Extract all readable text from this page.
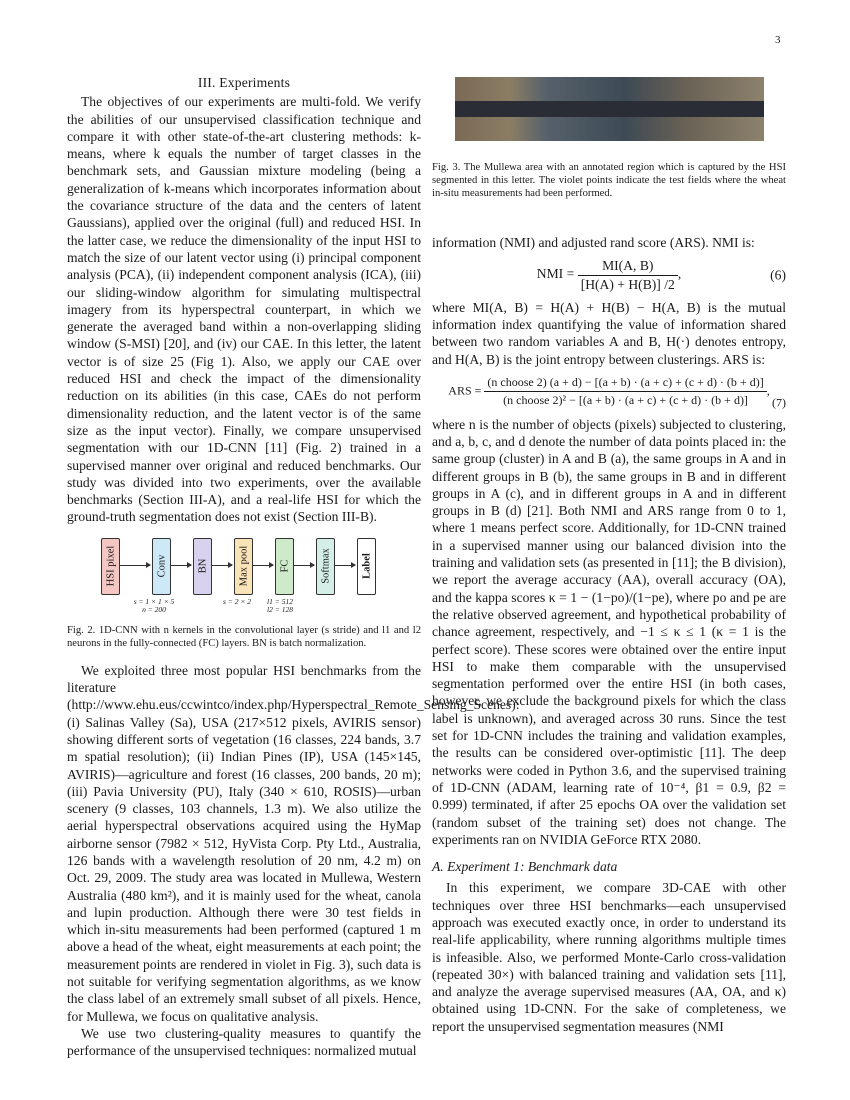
3
III. Experiments

The objectives of our experiments are multi-fold. We verify the abilities of our unsupervised classification technique and compare it with other state-of-the-art clustering methods: k-means, where k equals the number of target classes in the benchmark sets, and Gaussian mixture modeling (being a generalization of k-means which incorporates information about the covariance structure of the data and the centers of latent Gaussians), applied over the original (full) and reduced HSI. In the latter case, we reduce the dimensionality of the input HSI to match the size of our latent vector using (i) principal component analysis (PCA), (ii) independent component analysis (ICA), (iii) our sliding-window algorithm for simulating multispectral imagery from its hyperspectral counterpart, in which we generate the averaged band within a non-overlapping sliding window (S-MSI) [20], and (iv) our CAE. In this letter, the latent vector is of size 25 (Fig 1). Also, we apply our CAE over reduced HSI and check the impact of the dimensionality reduction on its abilities (in this case, CAEs do not perform dimensionality reduction, and the latent vector is of the same size as the input vector). Finally, we compare unsupervised segmentation with our 1D-CNN [11] (Fig. 2) trained in a supervised manner over original and reduced benchmarks. Our study was divided into two experiments, over the available benchmarks (Section III-A), and a real-life HSI for which the ground-truth segmentation does not exist (Section III-B).

HSI pixel	Conv	BN	Max pool	FC	Softmax	Label
s = 1 × 1 × 5
n = 200
s = 2 × 2	l1 = 512
l2 = 128
Fig. 2. 1D-CNN with n kernels in the convolutional layer (s stride) and l1 and l2 neurons in the fully-connected (FC) layers. BN is batch normalization.

We exploited three most popular HSI benchmarks from the literature (http://www.ehu.eus/ccwintco/index.php/Hyperspectral_Remote_Sensing_Scenes): (i) Salinas Valley (Sa), USA (217×512 pixels, AVIRIS sensor) showing different sorts of vegetation (16 classes, 224 bands, 3.7 m spatial resolution); (ii) Indian Pines (IP), USA (145×145, AVIRIS)—agriculture and forest (16 classes, 200 bands, 20 m); (iii) Pavia University (PU), Italy (340 × 610, ROSIS)—urban scenery (9 classes, 103 channels, 1.3 m). We also utilize the aerial hyperspectral observations acquired using the HyMap airborne sensor (7982 × 512, HyVista Corp. Pty Ltd., Australia, 126 bands with a wavelength resolution of 20 nm, 4.2 m) on Oct. 29, 2009. The study area was located in Mullewa, Western Australia (480 km²), and it is mainly used for the wheat, canola and lupin production. Although there were 30 test fields in which in-situ measurements had been performed (captured 1 m above a head of the wheat, eight measurements at each point; the measurement points are rendered in violet in Fig. 3), such data is not suitable for verifying segmentation algorithms, as we know the class label of an extremely small subset of all pixels. Hence, for Mullewa, we focus on qualitative analysis.

We use two clustering-quality measures to quantify the performance of the unsupervised techniques: normalized mutual

Fig. 3. The Mullewa area with an annotated region which is captured by the HSI segmented in this letter. The violet points indicate the test fields where the wheat in-situ measurements had been performed.

information (NMI) and adjusted rand score (ARS). NMI is:

NMI = $\frac{MI(A, B)}{[H(A) + H(B)] /2}$ ,	(6)

where MI(A, B) = H(A) + H(B) − H(A, B) is the mutual information index quantifying the value of information shared between two random variables A and B, H(·) denotes entropy, and H(A, B) is the joint entropy between clusterings. ARS is:

ARS =
(n choose 2) (a + d) − [(a + b) · (a + c) + (c + d) · (b + d)]
(n choose 2)² − [(a + b) · (a + c) + (c + d) · (b + d)]
,
(7)

where n is the number of objects (pixels) subjected to clustering, and a, b, c, and d denote the number of data points placed in: the same group (cluster) in A and B (a), the same groups in A and in different groups in B (b), the same groups in B and in different groups in A (c), and in different groups in A and in different groups in B (d) [21]. Both NMI and ARS range from 0 to 1, where 1 means perfect score. Additionally, for 1D-CNN trained in a supervised manner using our balanced division into the training and validation sets (as presented in [11]; the B division), we report the average accuracy (AA), overall accuracy (OA), and the kappa scores κ = 1 − (1−po)/(1−pe), where po and pe are the relative observed agreement, and hypothetical probability of chance agreement, respectively, and −1 ≤ κ ≤ 1 (κ = 1 is the perfect score). These scores were obtained over the entire input HSI to make them comparable with the unsupervised segmentation performed over the entire HSI (in both cases, however, we exclude the background pixels for which the class label is unknown), and averaged across 30 runs. Since the test set for 1D-CNN includes the training and validation examples, the results can be considered over-optimistic [11]. The deep networks were coded in Python 3.6, and the supervised training of 1D-CNN (ADAM, learning rate of 10⁻⁴, β1 = 0.9, β2 = 0.999) terminated, if after 25 epochs OA over the validation set (random subset of the training set) does not change. The experiments ran on NVIDIA GeForce RTX 2080.

A. Experiment 1: Benchmark data

In this experiment, we compare 3D-CAE with other techniques over three HSI benchmarks—each unsupervised approach was executed exactly once, in order to understand its real-life applicability, where running algorithms multiple times is infeasible. Also, we performed Monte-Carlo cross-validation (repeated 30×) with balanced training and validation sets [11], and analyze the average supervised measures (AA, OA, and κ) obtained using 1D-CNN. For the sake of completeness, we report the unsupervised segmentation measures (NMI
